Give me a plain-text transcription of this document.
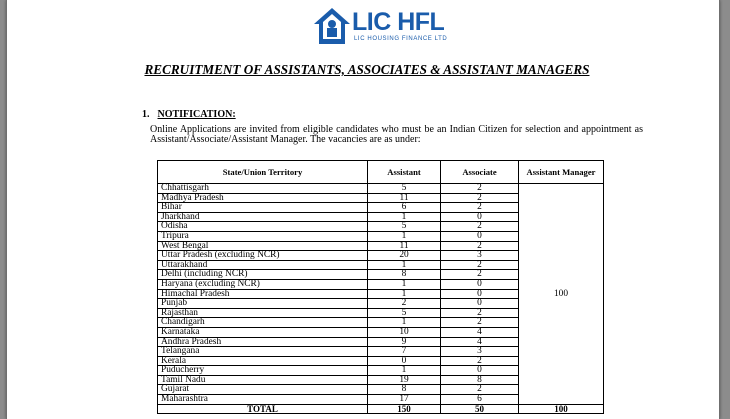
LIC HFL
LIC HOUSING FINANCE LTD
RECRUITMENT OF ASSISTANTS, ASSOCIATES & ASSISTANT MANAGERS
1. NOTIFICATION:
Online Applications are invited from eligible candidates who must be an Indian Citizen for selection and appointment as Assistant/Associate/Assistant Manager. The vacancies are as under:
State/Union Territory	Assistant	Associate	Assistant Manager
Chhattisgarh	5	2	100
Madhya Pradesh	11	2	
Bihar	6	2	
Jharkhand	1	0	
Odisha	5	2	
Tripura	1	0	
West Bengal	11	2	
Uttar Pradesh (excluding NCR)	20	3	
Uttarakhand	1	2	
Delhi (including NCR)	8	2	
Haryana (excluding NCR)	1	0	
Himachal Pradesh	1	0	
Punjab	2	0	
Rajasthan	5	2	
Chandigarh	1	2	
Karnataka	10	4	
Andhra Pradesh	9	4	
Telangana	7	3	
Kerala	0	2	
Puducherry	1	0	
Tamil Nadu	19	8	
Gujarat	8	2	
Maharashtra	17	6	
TOTAL	150	50	100
